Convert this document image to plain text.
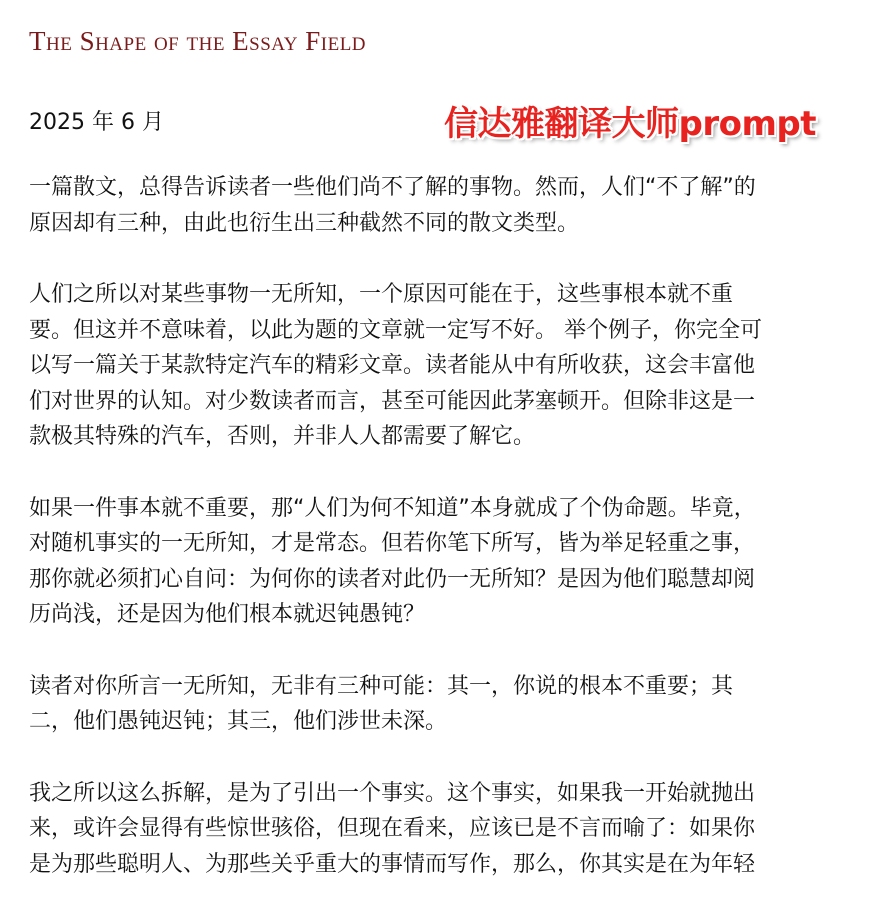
The Shape of the Essay Field
2025 年 6 月	信达雅翻译大师prompt

一篇散文，总得告诉读者一些他们尚不了解的事物。然而，人们“不了解”的
原因却有三种，由此也衍生出三种截然不同的散文类型。

人们之所以对某些事物一无所知，一个原因可能在于，这些事根本就不重
要。但这并不意味着，以此为题的文章就一定写不好。 举个例子，你完全可
以写一篇关于某款特定汽车的精彩文章。读者能从中有所收获，这会丰富他
们对世界的认知。对少数读者而言，甚至可能因此茅塞顿开。但除非这是一
款极其特殊的汽车，否则，并非人人都需要了解它。

如果一件事本就不重要，那“人们为何不知道”本身就成了个伪命题。毕竟，
对随机事实的一无所知，才是常态。但若你笔下所写，皆为举足轻重之事，
那你就必须扪心自问：为何你的读者对此仍一无所知？是因为他们聪慧却阅
历尚浅，还是因为他们根本就迟钝愚钝？

读者对你所言一无所知，无非有三种可能：其一，你说的根本不重要；其
二，他们愚钝迟钝；其三，他们涉世未深。

我之所以这么拆解，是为了引出一个事实。这个事实，如果我一开始就抛出
来，或许会显得有些惊世骇俗，但现在看来，应该已是不言而喻了：如果你
是为那些聪明人、为那些关乎重大的事情而写作，那么，你其实是在为年轻
